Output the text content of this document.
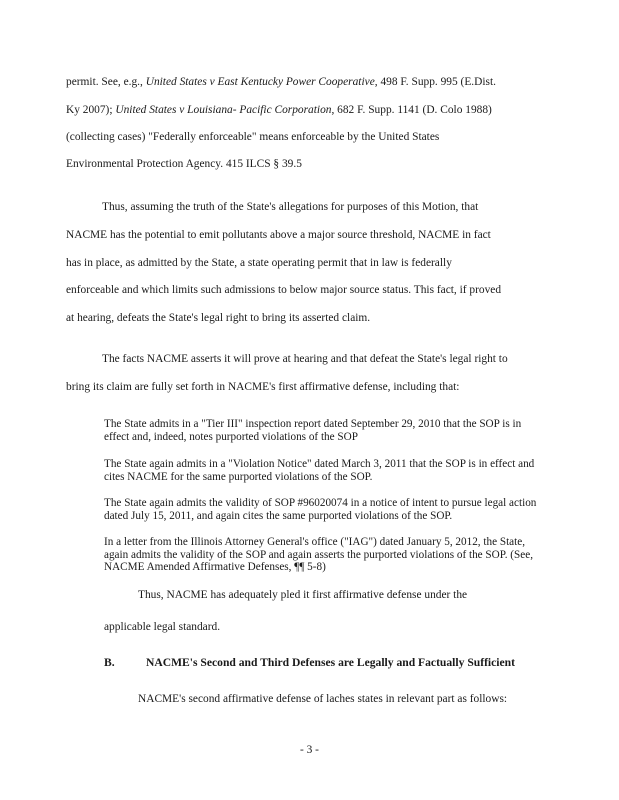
permit. See, e.g., United States v East Kentucky Power Cooperative, 498 F. Supp. 995 (E.Dist.
Ky 2007); United States v Louisiana- Pacific Corporation, 682 F. Supp. 1141 (D. Colo 1988)
(collecting cases) "Federally enforceable" means enforceable by the United States
Environmental Protection Agency. 415 ILCS § 39.5
Thus, assuming the truth of the State's allegations for purposes of this Motion, that
NACME has the potential to emit pollutants above a major source threshold, NACME in fact
has in place, as admitted by the State, a state operating permit that in law is federally
enforceable and which limits such admissions to below major source status. This fact, if proved
at hearing, defeats the State's legal right to bring its asserted claim.
The facts NACME asserts it will prove at hearing and that defeat the State's legal right to
bring its claim are fully set forth in NACME's first affirmative defense, including that:

The State admits in a "Tier III" inspection report dated September 29, 2010 that the SOP is in effect and, indeed, notes purported violations of the SOP

The State again admits in a "Violation Notice" dated March 3, 2011 that the SOP is in effect and cites NACME for the same purported violations of the SOP.

The State again admits the validity of SOP #96020074 in a notice of intent to pursue legal action dated July 15, 2011, and again cites the same purported violations of the SOP.

In a letter from the Illinois Attorney General's office ("IAG") dated January 5, 2012, the State, again admits the validity of the SOP and again asserts the purported violations of the SOP. (See, NACME Amended Affirmative Defenses, ¶¶ 5-8)

Thus, NACME has adequately pled it first affirmative defense under the
applicable legal standard.
B.	NACME's Second and Third Defenses are Legally and Factually Sufficient
NACME's second affirmative defense of laches states in relevant part as follows:
- 3 -
